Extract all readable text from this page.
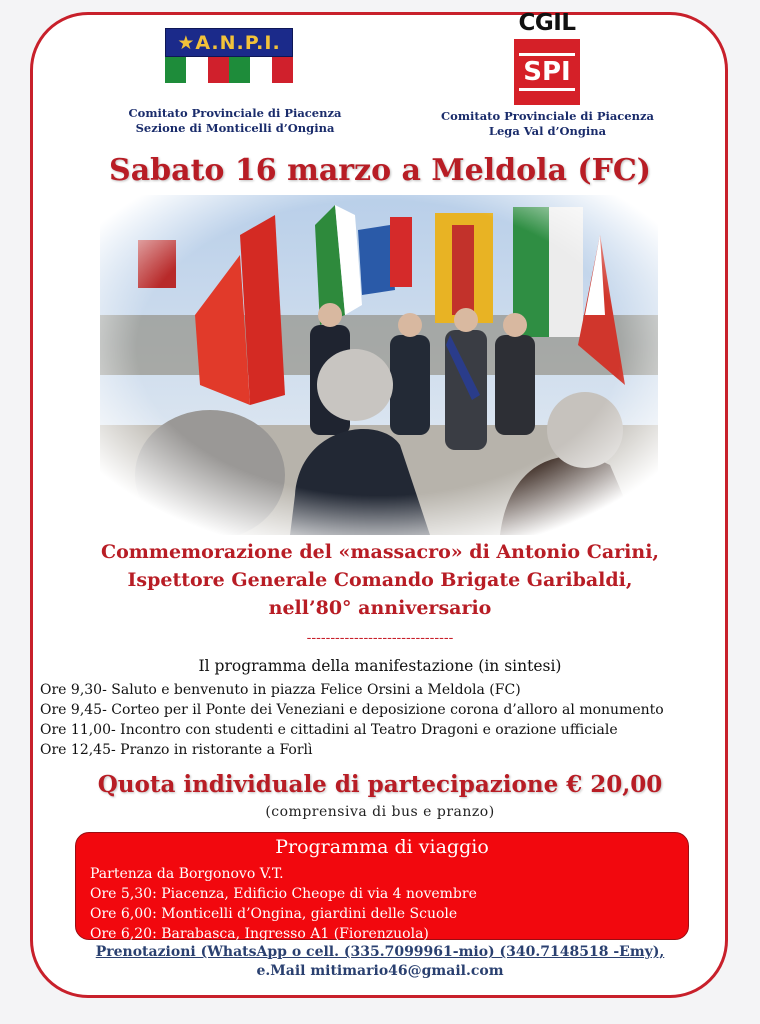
★A.N.P.I.
Comitato Provinciale di Piacenza
Sezione di Monticelli d’Ongina
CGIL
SPI
Comitato Provinciale di Piacenza
Lega Val d’Ongina
Sabato 16 marzo a Meldola (FC)
Commemorazione del «massacro» di Antonio Carini,
Ispettore Generale Comando Brigate Garibaldi,
nell’80° anniversario
-------------------------------
Il programma della manifestazione (in sintesi)
Ore 9,30- Saluto e benvenuto in piazza Felice Orsini a Meldola (FC)
Ore 9,45- Corteo per il Ponte dei Veneziani e deposizione corona d’alloro al monumento
Ore 11,00- Incontro con studenti e cittadini al Teatro Dragoni e orazione ufficiale
Ore 12,45- Pranzo in ristorante a Forlì
Quota individuale di partecipazione € 20,00
(comprensiva di bus e pranzo)
Programma di viaggio
Partenza da Borgonovo V.T.
Ore 5,30: Piacenza, Edificio Cheope di via 4 novembre
Ore 6,00: Monticelli d’Ongina, giardini delle Scuole
Ore 6,20: Barabasca, Ingresso A1 (Fiorenzuola)
Prenotazioni (WhatsApp o cell. (335.7099961-mio) (340.7148518 -Emy),
e.Mail mitimario46@gmail.com
